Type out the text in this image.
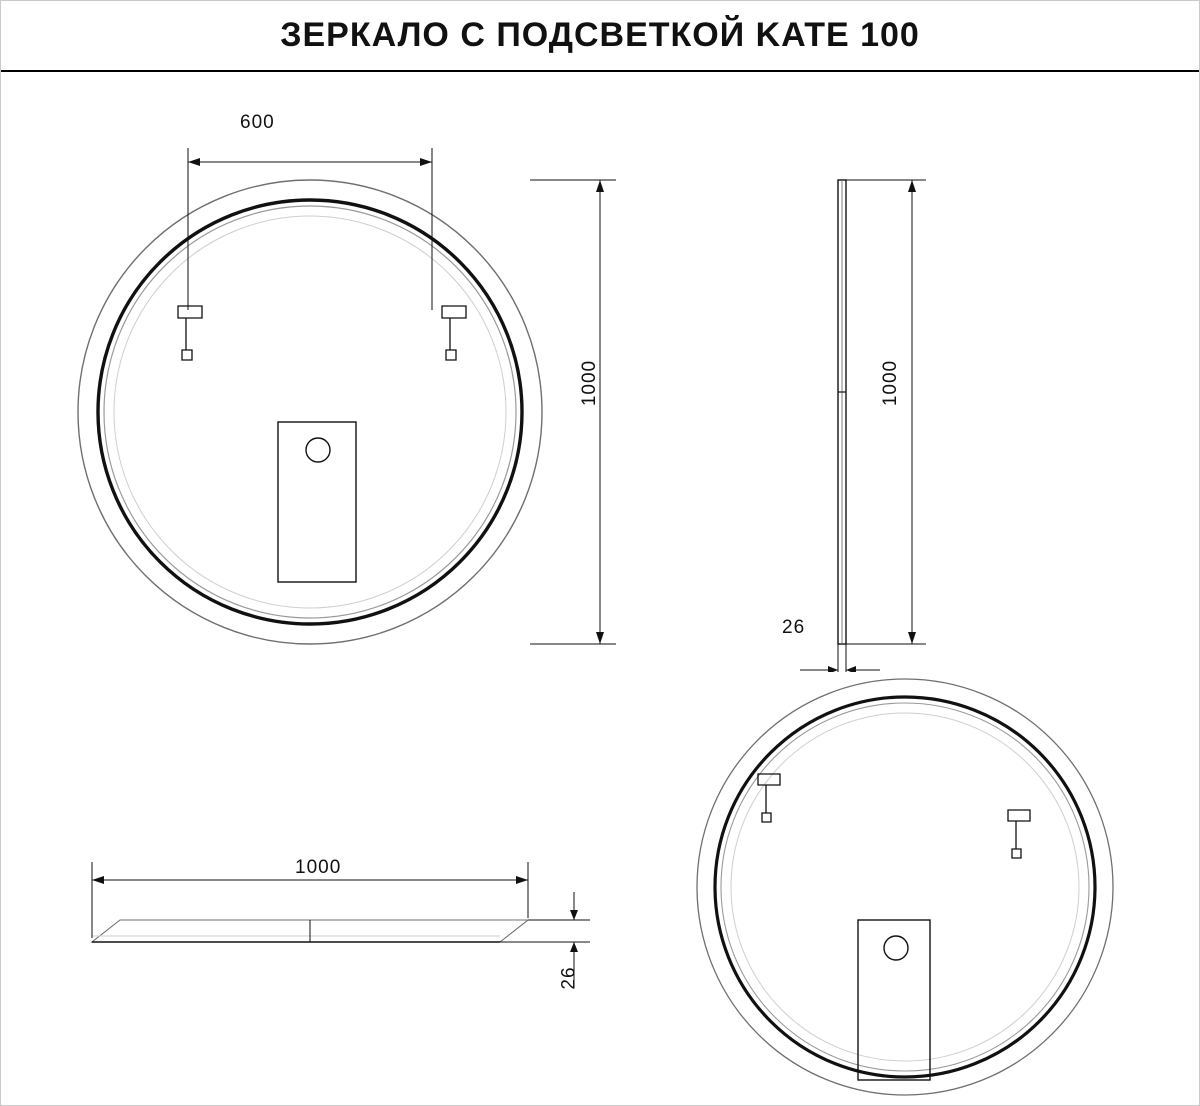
ЗЕРКАЛО С ПОДСВЕТКОЙ KATE 100
600
1000	1000
26
1000
26
